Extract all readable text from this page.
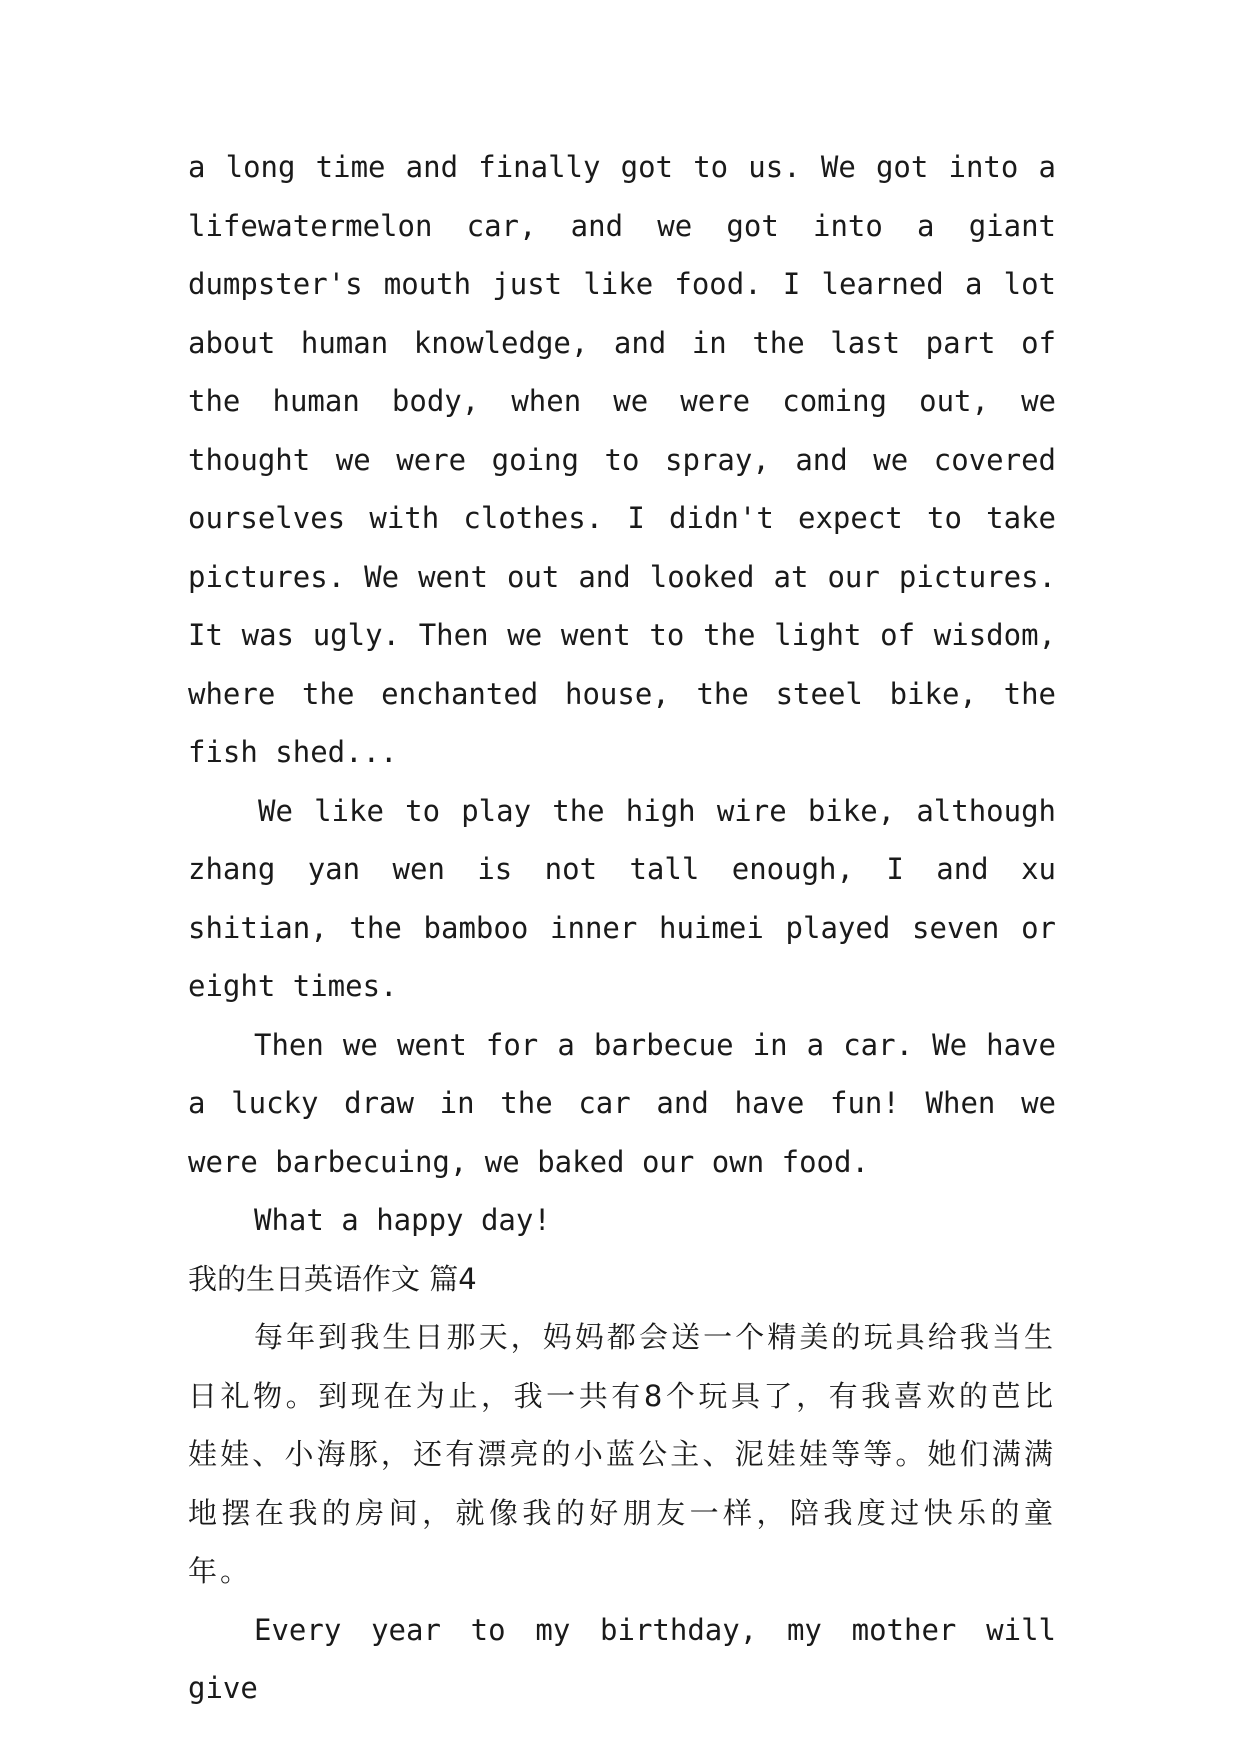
a long time and finally got to us. We got into a lifewatermelon car, and we got into a giant dumpster's mouth just like food. I learned a lot about human knowledge, and in the last part of the human body, when we were coming out, we thought we were going to spray, and we covered ourselves with clothes. I didn't expect to take pictures. We went out and looked at our pictures. It was ugly. Then we went to the light of wisdom, where the enchanted house, the steel bike, the fish shed...

We like to play the high wire bike, although zhang yan wen is not tall enough, I and xu shitian, the bamboo inner huimei played seven or eight times.

Then we went for a barbecue in a car. We have a lucky draw in the car and have fun! When we were barbecuing, we baked our own food.

What a happy day!

我的生日英语作文 篇4

每年到我生日那天，妈妈都会送一个精美的玩具给我当生日礼物。到现在为止，我一共有8个玩具了，有我喜欢的芭比娃娃、小海豚，还有漂亮的小蓝公主、泥娃娃等等。她们满满地摆在我的房间，就像我的好朋友一样，陪我度过快乐的童年。

Every year to my birthday, my mother will give
